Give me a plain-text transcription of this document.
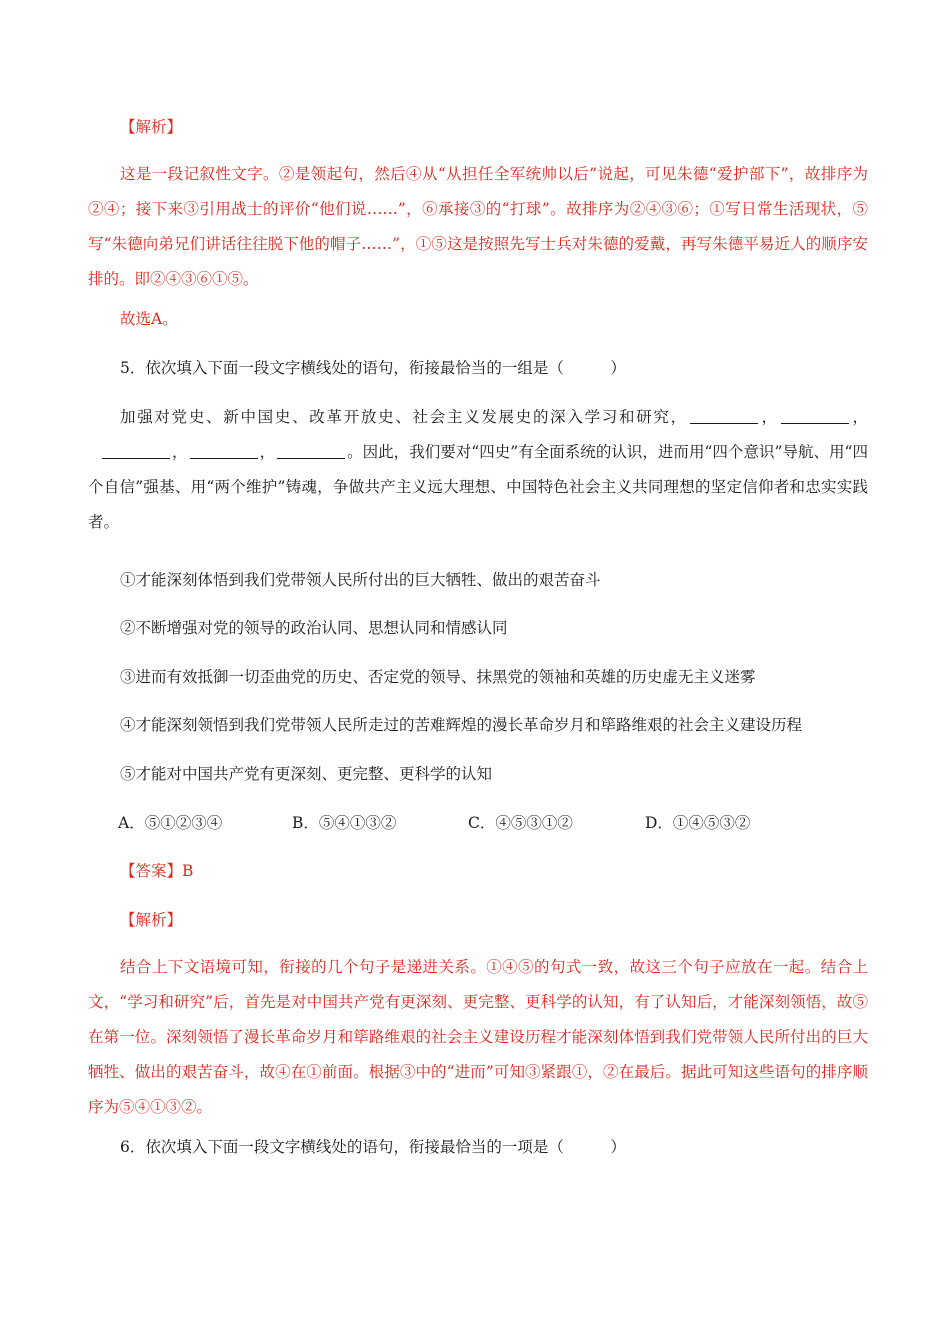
【解析】

这是一段记叙性文字。②是领起句，然后④从“从担任全军统帅以后”说起，可见朱德“爱护部下”，故排序为②④；接下来③引用战士的评价“他们说……”，⑥承接③的“打球”。故排序为②④③⑥；①写日常生活现状，⑤写“朱德向弟兄们讲话往往脱下他的帽子……”，①⑤这是按照先写士兵对朱德的爱戴，再写朱德平易近人的顺序安排的。即②④③⑥①⑤。

故选A。

5．依次填入下面一段文字横线处的语句，衔接最恰当的一组是（　　　）

加强对党史、新中国史、改革开放史、社会主义发展史的深入学习和研究，	，	，，	，	。因此，我们要对“四史”有全面系统的认识，进而用“四个意识”导航、用“四个自信”强基、用“两个维护”铸魂，争做共产主义远大理想、中国特色社会主义共同理想的坚定信仰者和忠实实践者。

①才能深刻体悟到我们党带领人民所付出的巨大牺牲、做出的艰苦奋斗

②不断增强对党的领导的政治认同、思想认同和情感认同

③进而有效抵御一切歪曲党的历史、否定党的领导、抹黑党的领袖和英雄的历史虚无主义迷雾

④才能深刻领悟到我们党带领人民所走过的苦难辉煌的漫长革命岁月和筚路维艰的社会主义建设历程

⑤才能对中国共产党有更深刻、更完整、更科学的认知

A．⑤①②③④	B．⑤④①③②	C．④⑤③①②	D．①④⑤③②

【答案】B

【解析】

结合上下文语境可知，衔接的几个句子是递进关系。①④⑤的句式一致，故这三个句子应放在一起。结合上文，“学习和研究”后，首先是对中国共产党有更深刻、更完整、更科学的认知，有了认知后，才能深刻领悟，故⑤在第一位。深刻领悟了漫长革命岁月和筚路维艰的社会主义建设历程才能深刻体悟到我们党带领人民所付出的巨大牺牲、做出的艰苦奋斗，故④在①前面。根据③中的“进而”可知③紧跟①，②在最后。据此可知这些语句的排序顺序为⑤④①③②。

6．依次填入下面一段文字横线处的语句，衔接最恰当的一项是（　　　）
